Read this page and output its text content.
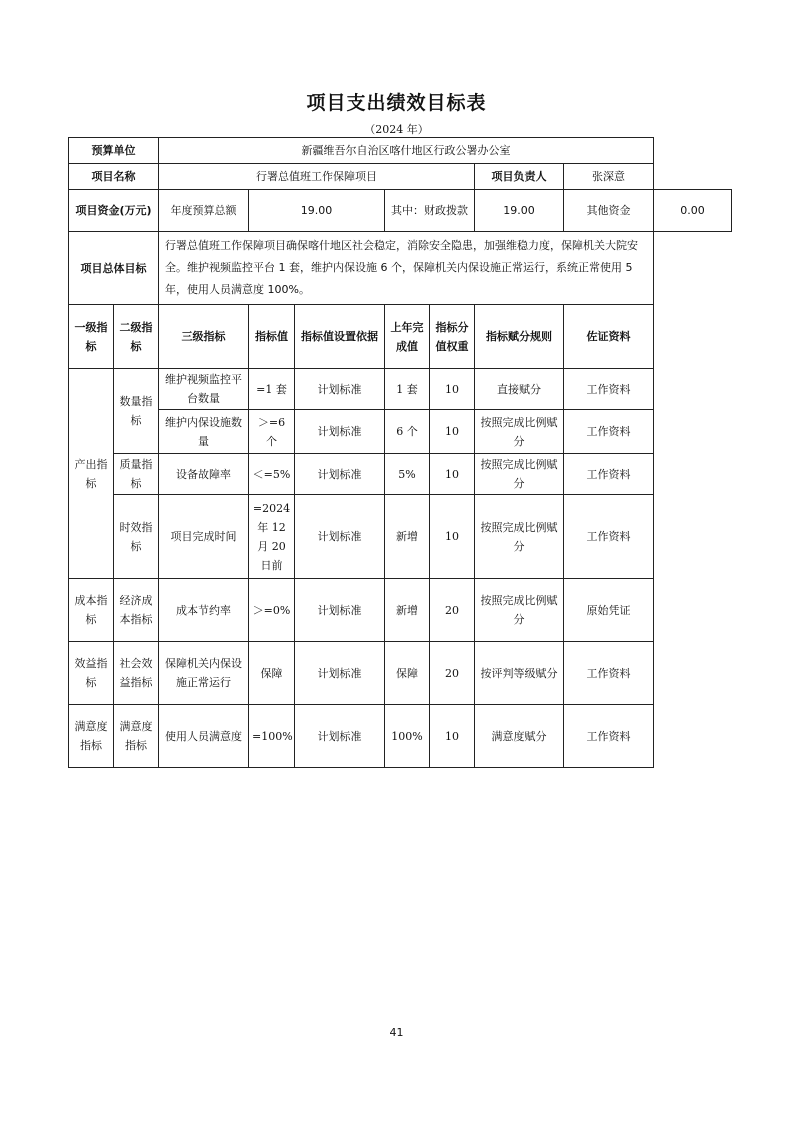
项目支出绩效目标表
（2024 年）
预算单位		新疆维吾尔自治区喀什地区行政公署办公室							
项目名称		行署总值班工作保障项目					项目负责人	张深意	
项目资金(万元)		年度预算总额	19.00		其中：财政拨款		19.00	其他资金	0.00
项目总体目标		行署总值班工作保障项目确保喀什地区社会稳定，消除安全隐患，加强维稳力度，保障机关大院安全。维护视频监控平台 1 套，维护内保设施 6 个，保障机关内保设施正常运行，系统正常使用 5 年，使用人员满意度 100%。							
一级指标	二级指标	三级指标	指标值	指标值设置依据	上年完成值	指标分值权重	指标赋分规则	佐证资料	
产出指标	数量指标	维护视频监控平台数量	=1 套	计划标准	1 套	10	直接赋分	工作资料	
		维护内保设施数量	＞=6 个	计划标准	6 个	10	按照完成比例赋分	工作资料	
	质量指标	设备故障率	＜=5%	计划标准	5%	10	按照完成比例赋分	工作资料	
	时效指标	项目完成时间	=2024 年 12 月 20 日前	计划标准	新增	10	按照完成比例赋分	工作资料	

成本指标	经济成本指标	成本节约率	＞=0%	计划标准	新增	20	按照完成比例赋分	原始凭证	
效益指标	社会效益指标	保障机关内保设施正常运行	保障	计划标准	保障	20	按评判等级赋分	工作资料	
满意度指标	满意度指标	使用人员满意度	=100%	计划标准	100%	10	满意度赋分	工作资料	
41
